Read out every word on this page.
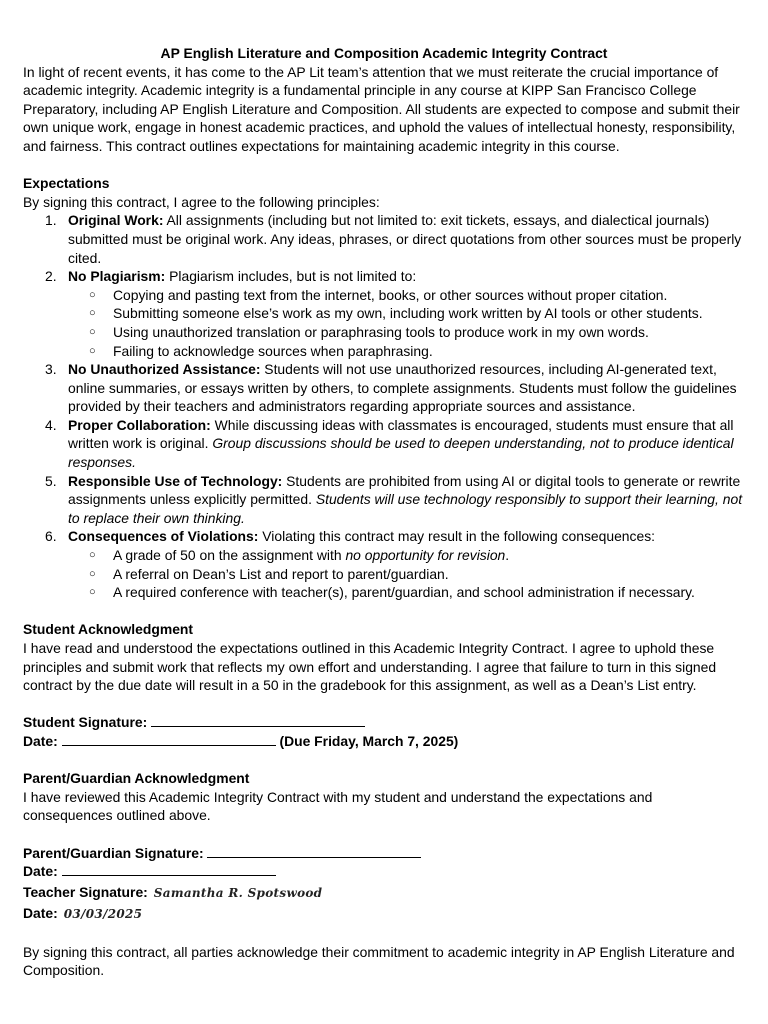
AP English Literature and Composition Academic Integrity Contract

In light of recent events, it has come to the AP Lit team’s attention that we must reiterate the crucial importance of academic integrity. Academic integrity is a fundamental principle in any course at KIPP San Francisco College Preparatory, including AP English Literature and Composition. All students are expected to compose and submit their own unique work, engage in honest academic practices, and uphold the values of intellectual honesty, responsibility, and fairness. This contract outlines expectations for maintaining academic integrity in this course.

Expectations

By signing this contract, I agree to the following principles:

1. Original Work: All assignments (including but not limited to: exit tickets, essays, and dialectical journals) submitted must be original work. Any ideas, phrases, or direct quotations from other sources must be properly cited.
2. No Plagiarism: Plagiarism includes, but is not limited to:
○ Copying and pasting text from the internet, books, or other sources without proper citation.
○ Submitting someone else’s work as my own, including work written by AI tools or other students.
○ Using unauthorized translation or paraphrasing tools to produce work in my own words.
○ Failing to acknowledge sources when paraphrasing.
3. No Unauthorized Assistance: Students will not use unauthorized resources, including AI-generated text, online summaries, or essays written by others, to complete assignments. Students must follow the guidelines provided by their teachers and administrators regarding appropriate sources and assistance.
4. Proper Collaboration: While discussing ideas with classmates is encouraged, students must ensure that all written work is original. Group discussions should be used to deepen understanding, not to produce identical responses.
5. Responsible Use of Technology: Students are prohibited from using AI or digital tools to generate or rewrite assignments unless explicitly permitted. Students will use technology responsibly to support their learning, not to replace their own thinking.
6. Consequences of Violations: Violating this contract may result in the following consequences:
○ A grade of 50 on the assignment with no opportunity for revision.
○ A referral on Dean’s List and report to parent/guardian.
○ A required conference with teacher(s), parent/guardian, and school administration if necessary.

Student Acknowledgment

I have read and understood the expectations outlined in this Academic Integrity Contract. I agree to uphold these principles and submit work that reflects my own effort and understanding. I agree that failure to turn in this signed contract by the due date will result in a 50 in the gradebook for this assignment, as well as a Dean’s List entry.

Student Signature:

Date:	(Due Friday, March 7, 2025)

Parent/Guardian Acknowledgment

I have reviewed this Academic Integrity Contract with my student and understand the expectations and consequences outlined above.

Parent/Guardian Signature:

Date:

Teacher Signature: Samantha R. Spotswood

Date: 03/03/2025

By signing this contract, all parties acknowledge their commitment to academic integrity in AP English Literature and Composition.
